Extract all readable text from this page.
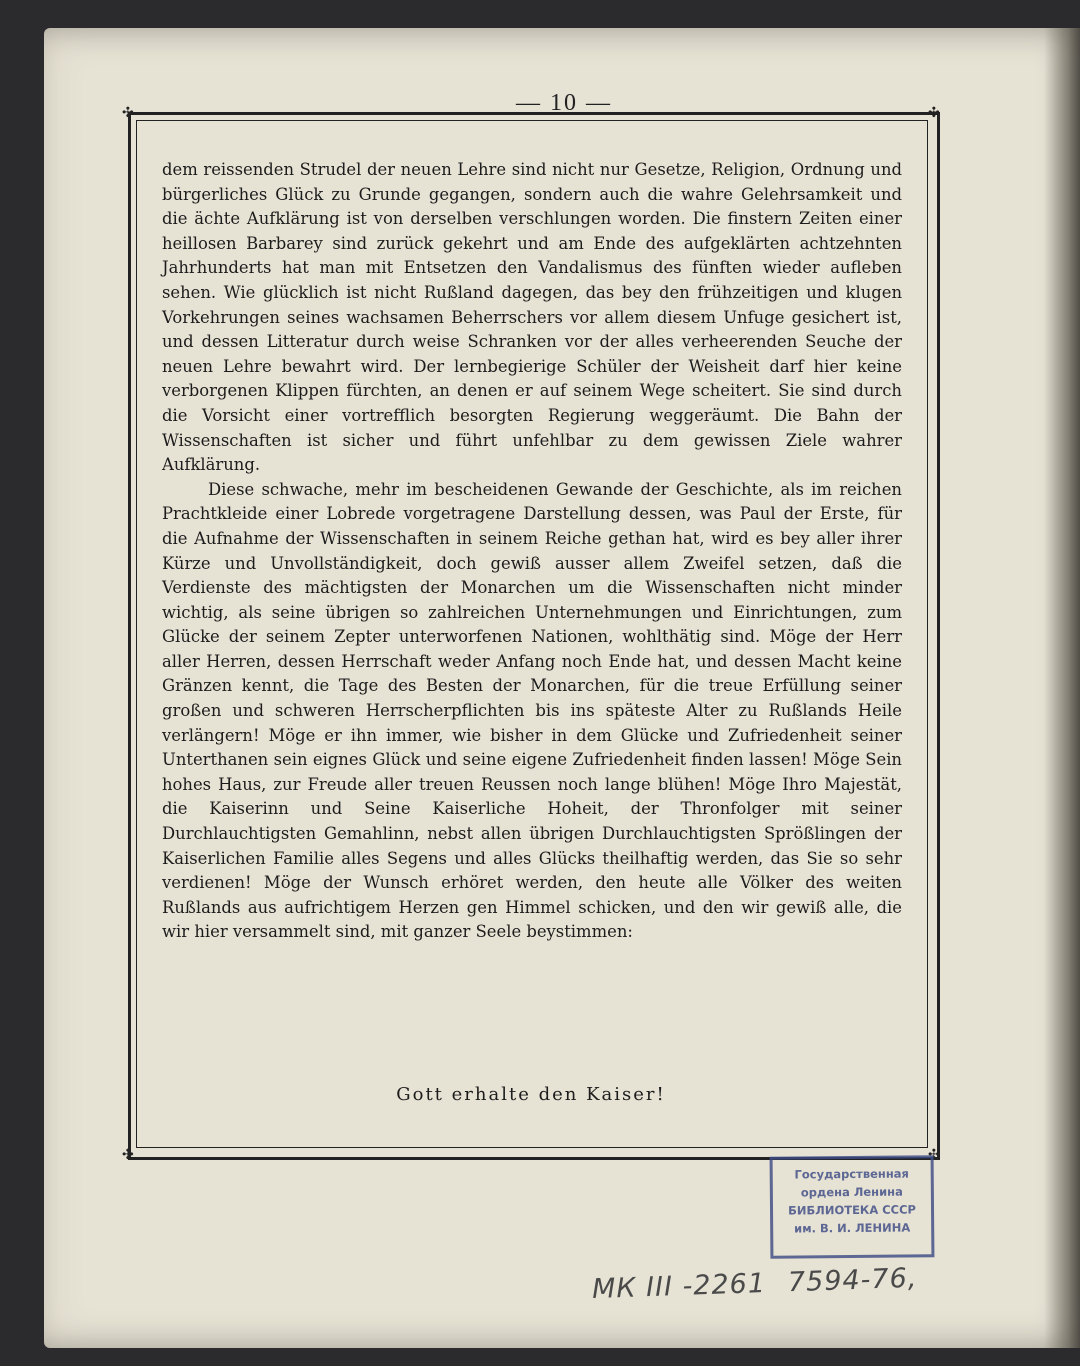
— 10 —
✣	✣
✣	✣

dem reissenden Strudel der neuen Lehre sind nicht nur Gesetze, Religion, Ordnung und bürgerliches Glück zu Grunde gegangen, sondern auch die wahre Gelehrsamkeit und die ächte Aufklärung ist von derselben verschlungen worden. Die finstern Zeiten einer heillosen Barbarey sind zurück gekehrt und am Ende des aufgeklärten achtzehnten Jahrhunderts hat man mit Entsetzen den Vandalismus des fünften wieder aufleben sehen. Wie glücklich ist nicht Rußland dagegen, das bey den frühzeitigen und klugen Vorkehrungen seines wachsamen Beherrschers vor allem diesem Unfuge gesichert ist, und dessen Litteratur durch weise Schranken vor der alles verheerenden Seuche der neuen Lehre bewahrt wird. Der lernbegierige Schüler der Weisheit darf hier keine verborgenen Klippen fürchten, an denen er auf seinem Wege scheitert. Sie sind durch die Vorsicht einer vortrefflich besorgten Regierung weggeräumt. Die Bahn der Wissenschaften ist sicher und führt unfehlbar zu dem gewissen Ziele wahrer Aufklärung.

Diese schwache, mehr im bescheidenen Gewande der Geschichte, als im reichen Prachtkleide einer Lobrede vorgetragene Darstellung dessen, was Paul der Erste, für die Aufnahme der Wissenschaften in seinem Reiche gethan hat, wird es bey aller ihrer Kürze und Unvollständigkeit, doch gewiß ausser allem Zweifel setzen, daß die Verdienste des mächtigsten der Monarchen um die Wissenschaften nicht minder wichtig, als seine übrigen so zahlreichen Unternehmungen und Einrichtungen, zum Glücke der seinem Zepter unterworfenen Nationen, wohlthätig sind. Möge der Herr aller Herren, dessen Herrschaft weder Anfang noch Ende hat, und dessen Macht keine Gränzen kennt, die Tage des Besten der Monarchen, für die treue Erfüllung seiner großen und schweren Herrscherpflichten bis ins späteste Alter zu Rußlands Heile verlängern! Möge er ihn immer, wie bisher in dem Glücke und Zufriedenheit seiner Unterthanen sein eignes Glück und seine eigene Zufriedenheit finden lassen! Möge Sein hohes Haus, zur Freude aller treuen Reussen noch lange blühen! Möge Ihro Majestät, die Kaiserinn und Seine Kaiserliche Hoheit, der Thronfolger mit seiner Durchlauchtigsten Gemahlinn, nebst allen übrigen Durchlauchtigsten Sprößlingen der Kaiserlichen Familie alles Segens und alles Glücks theilhaftig werden, das Sie so sehr verdienen! Möge der Wunsch erhöret werden, den heute alle Völker des weiten Rußlands aus aufrichtigem Herzen gen Himmel schicken, und den wir gewiß alle, die wir hier versammelt sind, mit ganzer Seele beystimmen:

Gott erhalte den Kaiser!
Государственная
ордена Ленина
БИБЛИОТЕКА СССР
им. В. И. ЛЕНИНА
МК III -2261 7594-76,
